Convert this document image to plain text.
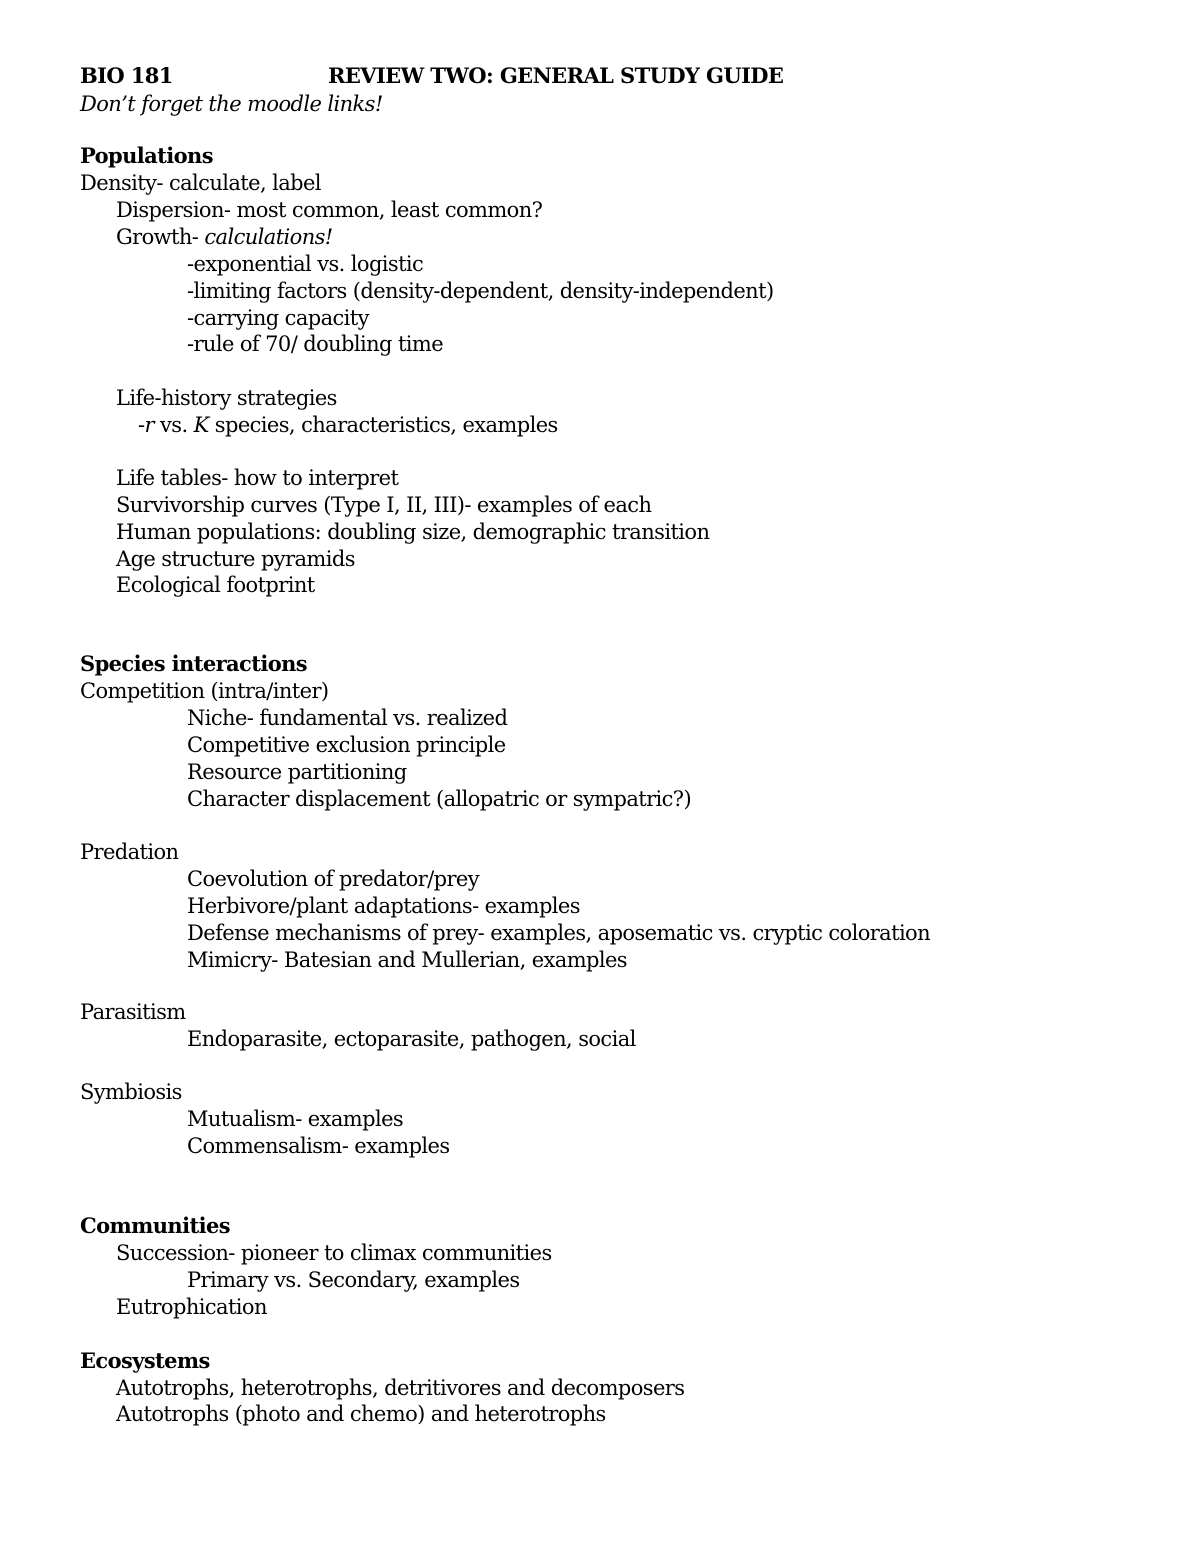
BIO 181	REVIEW TWO: GENERAL STUDY GUIDE
Don’t forget the moodle links!
Populations
Density- calculate, label
Dispersion- most common, least common?
Growth- calculations!
-exponential vs. logistic
-limiting factors (density-dependent, density-independent)
-carrying capacity
-rule of 70/ doubling time
Life-history strategies
-r vs. K species, characteristics, examples
Life tables- how to interpret
Survivorship curves (Type I, II, III)- examples of each
Human populations: doubling size, demographic transition
Age structure pyramids
Ecological footprint
Species interactions
Competition (intra/inter)
Niche- fundamental vs. realized
Competitive exclusion principle
Resource partitioning
Character displacement (allopatric or sympatric?)
Predation
Coevolution of predator/prey
Herbivore/plant adaptations- examples
Defense mechanisms of prey- examples, aposematic vs. cryptic coloration
Mimicry- Batesian and Mullerian, examples
Parasitism
Endoparasite, ectoparasite, pathogen, social
Symbiosis
Mutualism- examples
Commensalism- examples
Communities
Succession- pioneer to climax communities
Primary vs. Secondary, examples
Eutrophication
Ecosystems
Autotrophs, heterotrophs, detritivores and decomposers
Autotrophs (photo and chemo) and heterotrophs
